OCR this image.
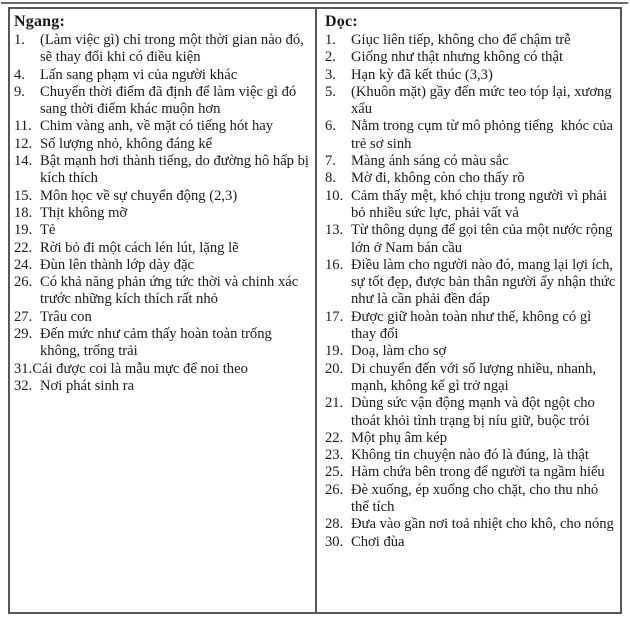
Ngang:
1. (Làm việc gì) chỉ trong một thời gian nào đó, sẽ thay đổi khi có điều kiện
4. Lấn sang phạm vi của người khác
9. Chuyển thời điểm đã định để làm việc gì đó sang thời điểm khác muộn hơn
11. Chim vàng anh, về mặt có tiếng hót hay
12. Số lượng nhỏ, không đáng kể
14. Bật mạnh hơi thành tiếng, do đường hô hấp bị kích thích
15. Môn học về sự chuyển động (2,3)
18. Thịt không mỡ
19. Tẻ
22. Rời bỏ đi một cách lén lút, lặng lẽ
24. Đùn lên thành lớp dày đặc
26. Có khả năng phản ứng tức thời và chinh xác trước những kích thích rất nhỏ
27. Trâu con
29. Đến mức như cảm thấy hoàn toàn trống không, trống trải
31.Cái được coi là mẫu mực để noi theo
32. Nơi phát sinh ra
Dọc:
1. Giục liên tiếp, không cho để chậm trễ
2. Giống như thật nhưng không có thật
3. Hạn kỳ đã kết thúc (3,3)
5. (Khuôn mặt) gầy đến mức teo tóp lại, xương xẩu
6. Nằm trong cụm từ mô phỏng tiếng  khóc của trẻ sơ sinh
7. Màng ánh sáng có màu sắc
8. Mờ đi, không còn cho thấy rõ
10. Cảm thấy mệt, khó chịu trong người vì phải bỏ nhiều sức lực, phải vất vả
13. Từ thông dụng để gọi tên của một nước rộng lớn ở Nam bán cầu
16. Điều làm cho người nào đó, mang lại lợi ích, sự tốt đẹp, được bản thân người ấy nhận thức như là cần phải đền đáp
17. Được giữ hoàn toàn như thế, không có gì thay đổi
19. Doạ, làm cho sợ
20. Di chuyển đến với số lượng nhiều, nhanh, mạnh, không kể gì trở ngại
21. Dùng sức vận động mạnh và đột ngột cho thoát khỏi tình trạng bị níu giữ, buộc trói
22. Một phụ âm kép
23. Không tin chuyện nào đó là đúng, là thật
25. Hàm chứa bên trong để người ta ngầm hiểu
26. Đè xuống, ép xuống cho chặt, cho thu nhỏ thể tích
28. Đưa vào gần nơi toả nhiệt cho khô, cho nóng
30. Chơi đùa
